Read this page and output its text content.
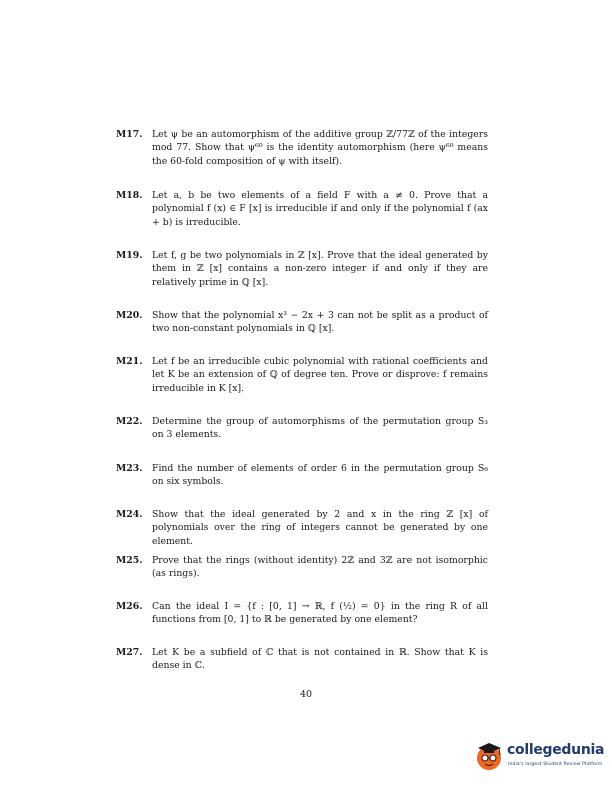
M17. Let ψ be an automorphism of the additive group ℤ/77ℤ of the integers mod 77. Show that ψ⁶⁰ is the identity automorphism (here ψ⁶⁰ means the 60-fold composition of ψ with itself).
M18. Let a, b be two elements of a field F with a ≠ 0. Prove that a polynomial f (x) ∈ F [x] is irreducible if and only if the polynomial f (ax + b) is irreducible.
M19. Let f, g be two polynomials in ℤ [x]. Prove that the ideal generated by them in ℤ [x] contains a non-zero integer if and only if they are relatively prime in ℚ [x].
M20. Show that the polynomial x³ − 2x + 3 can not be split as a product of two non-constant polynomials in ℚ [x].
M21. Let f be an irreducible cubic polynomial with rational coefficients and let K be an extension of ℚ of degree ten. Prove or disprove: f remains irreducible in K [x].
M22. Determine the group of automorphisms of the permutation group S₃ on 3 elements.
M23. Find the number of elements of order 6 in the permutation group S₆ on six symbols.
M24. Show that the ideal generated by 2 and x in the ring ℤ [x] of polynomials over the ring of integers cannot be generated by one element.
M25. Prove that the rings (without identity) 2ℤ and 3ℤ are not isomorphic (as rings).
M26. Can the ideal I = {f : [0, 1] → ℝ, f (½) = 0} in the ring R of all functions from [0, 1] to ℝ be generated by one element?
M27. Let K be a subfield of ℂ that is not contained in ℝ. Show that K is dense in ℂ.
40
collegedunia
India's largest Student Review Platform
